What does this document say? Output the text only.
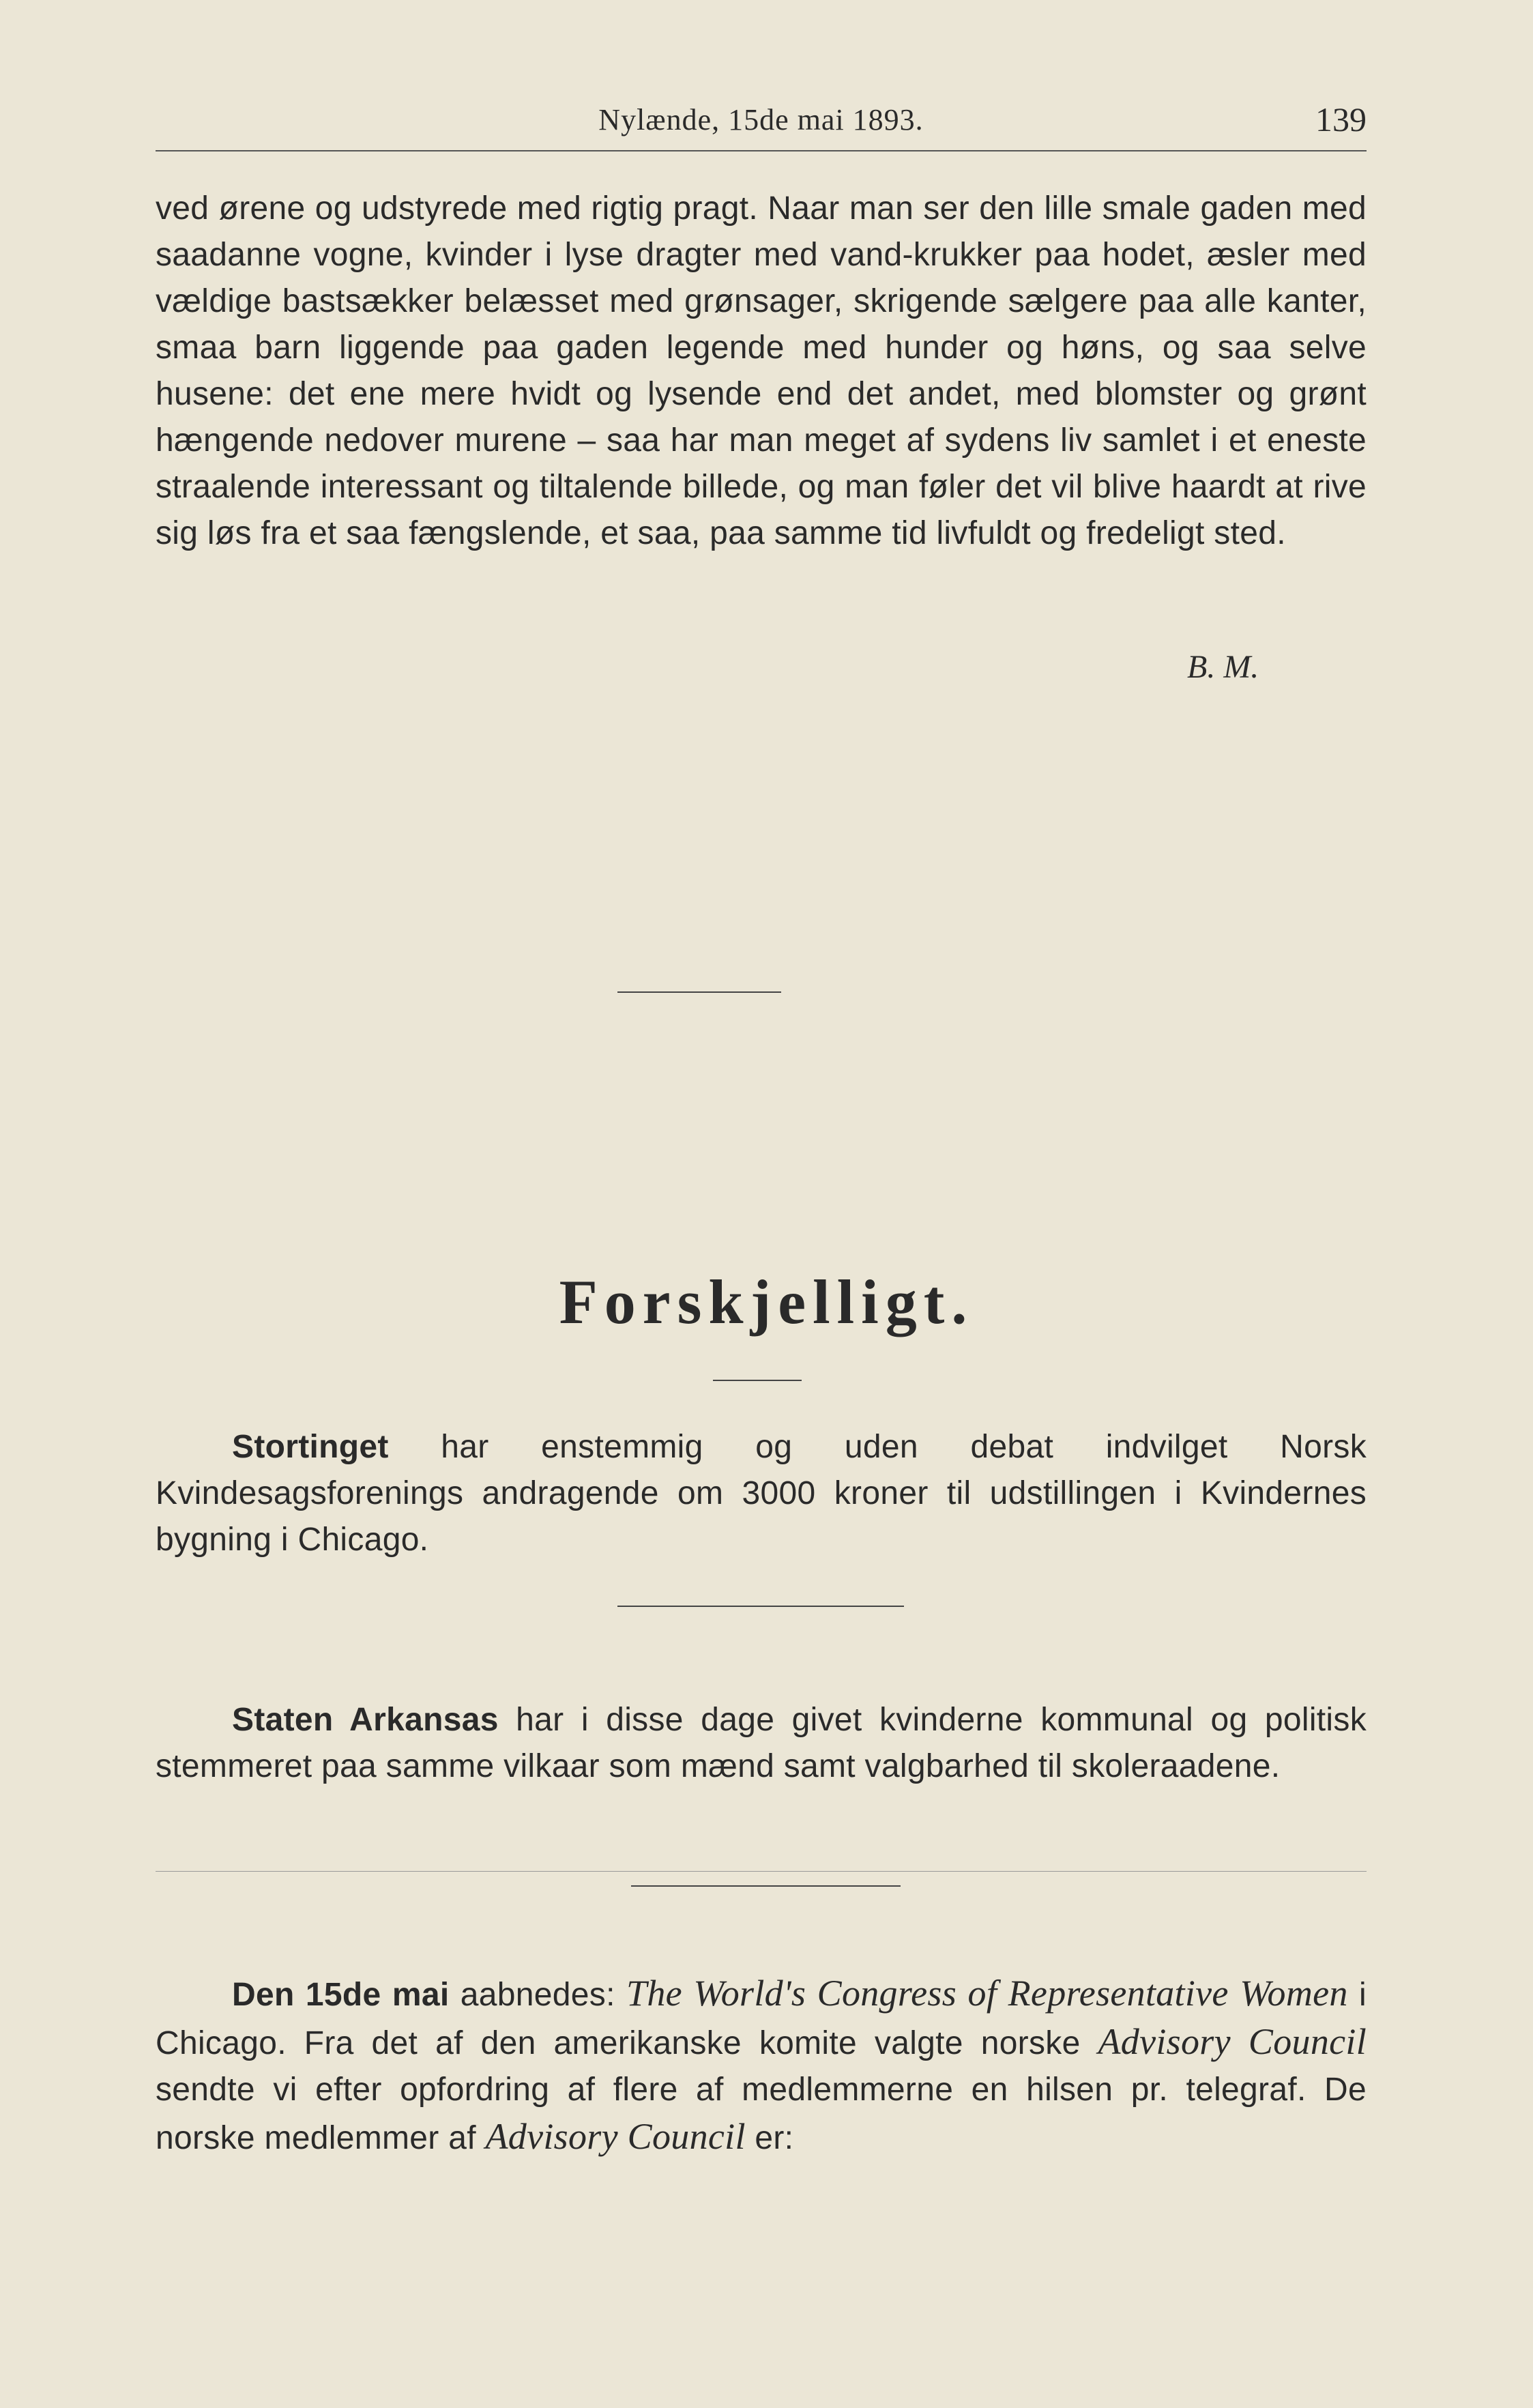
Nylænde, 15de mai 1893.	139

ved ørene og udstyrede med rigtig pragt. Naar man ser den lille smale gaden med saadanne vogne, kvinder i lyse dragter med vand-krukker paa hodet, æsler med vældige bastsækker belæsset med grønsager, skrigende sælgere paa alle kanter, smaa barn liggende paa gaden legende med hunder og høns, og saa selve husene: det ene mere hvidt og lysende end det andet, med blomster og grønt hængende nedover murene – saa har man meget af sydens liv samlet i et eneste straalende interessant og tiltalende billede, og man føler det vil blive haardt at rive sig løs fra et saa fængslende, et saa, paa samme tid livfuldt og fredeligt sted.

B. M.
Forskjelligt.

Stortinget har enstemmig og uden debat indvilget Norsk Kvindesagsforenings andragende om 3000 kroner til udstillingen i Kvindernes bygning i Chicago.

Staten Arkansas har i disse dage givet kvinderne kommunal og politisk stemmeret paa samme vilkaar som mænd samt valgbarhed til skoleraadene.

Den 15de mai aabnedes: The World's Congress of Representative Women i Chicago. Fra det af den amerikanske komite valgte norske Advisory Council sendte vi efter opfordring af flere af medlemmerne en hilsen pr. telegraf. De norske medlemmer af Advisory Council er:
